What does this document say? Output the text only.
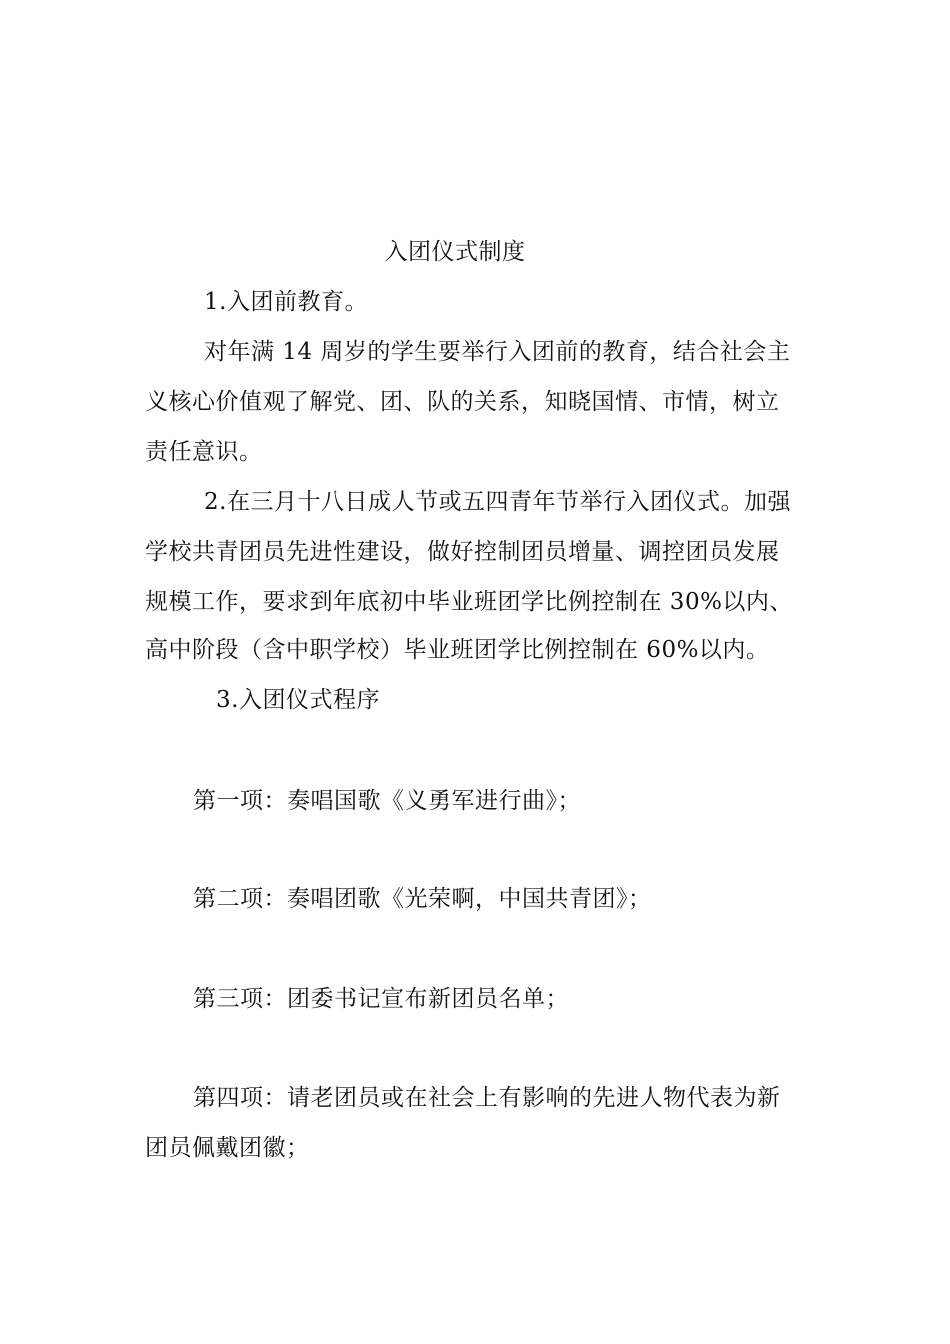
入团仪式制度
1.入团前教育。
对年满 14 周岁的学生要举行入团前的教育，结合社会主
义核心价值观了解党、团、队的关系，知晓国情、市情，树立
责任意识。
2.在三月十八日成人节或五四青年节举行入团仪式。加强
学校共青团员先进性建设，做好控制团员增量、调控团员发展
规模工作，要求到年底初中毕业班团学比例控制在 30%以内、
高中阶段（含中职学校）毕业班团学比例控制在 60%以内。
3.入团仪式程序
第一项：奏唱国歌《义勇军进行曲》；
第二项：奏唱团歌《光荣啊，中国共青团》；
第三项：团委书记宣布新团员名单；
第四项：请老团员或在社会上有影响的先进人物代表为新
团员佩戴团徽；
